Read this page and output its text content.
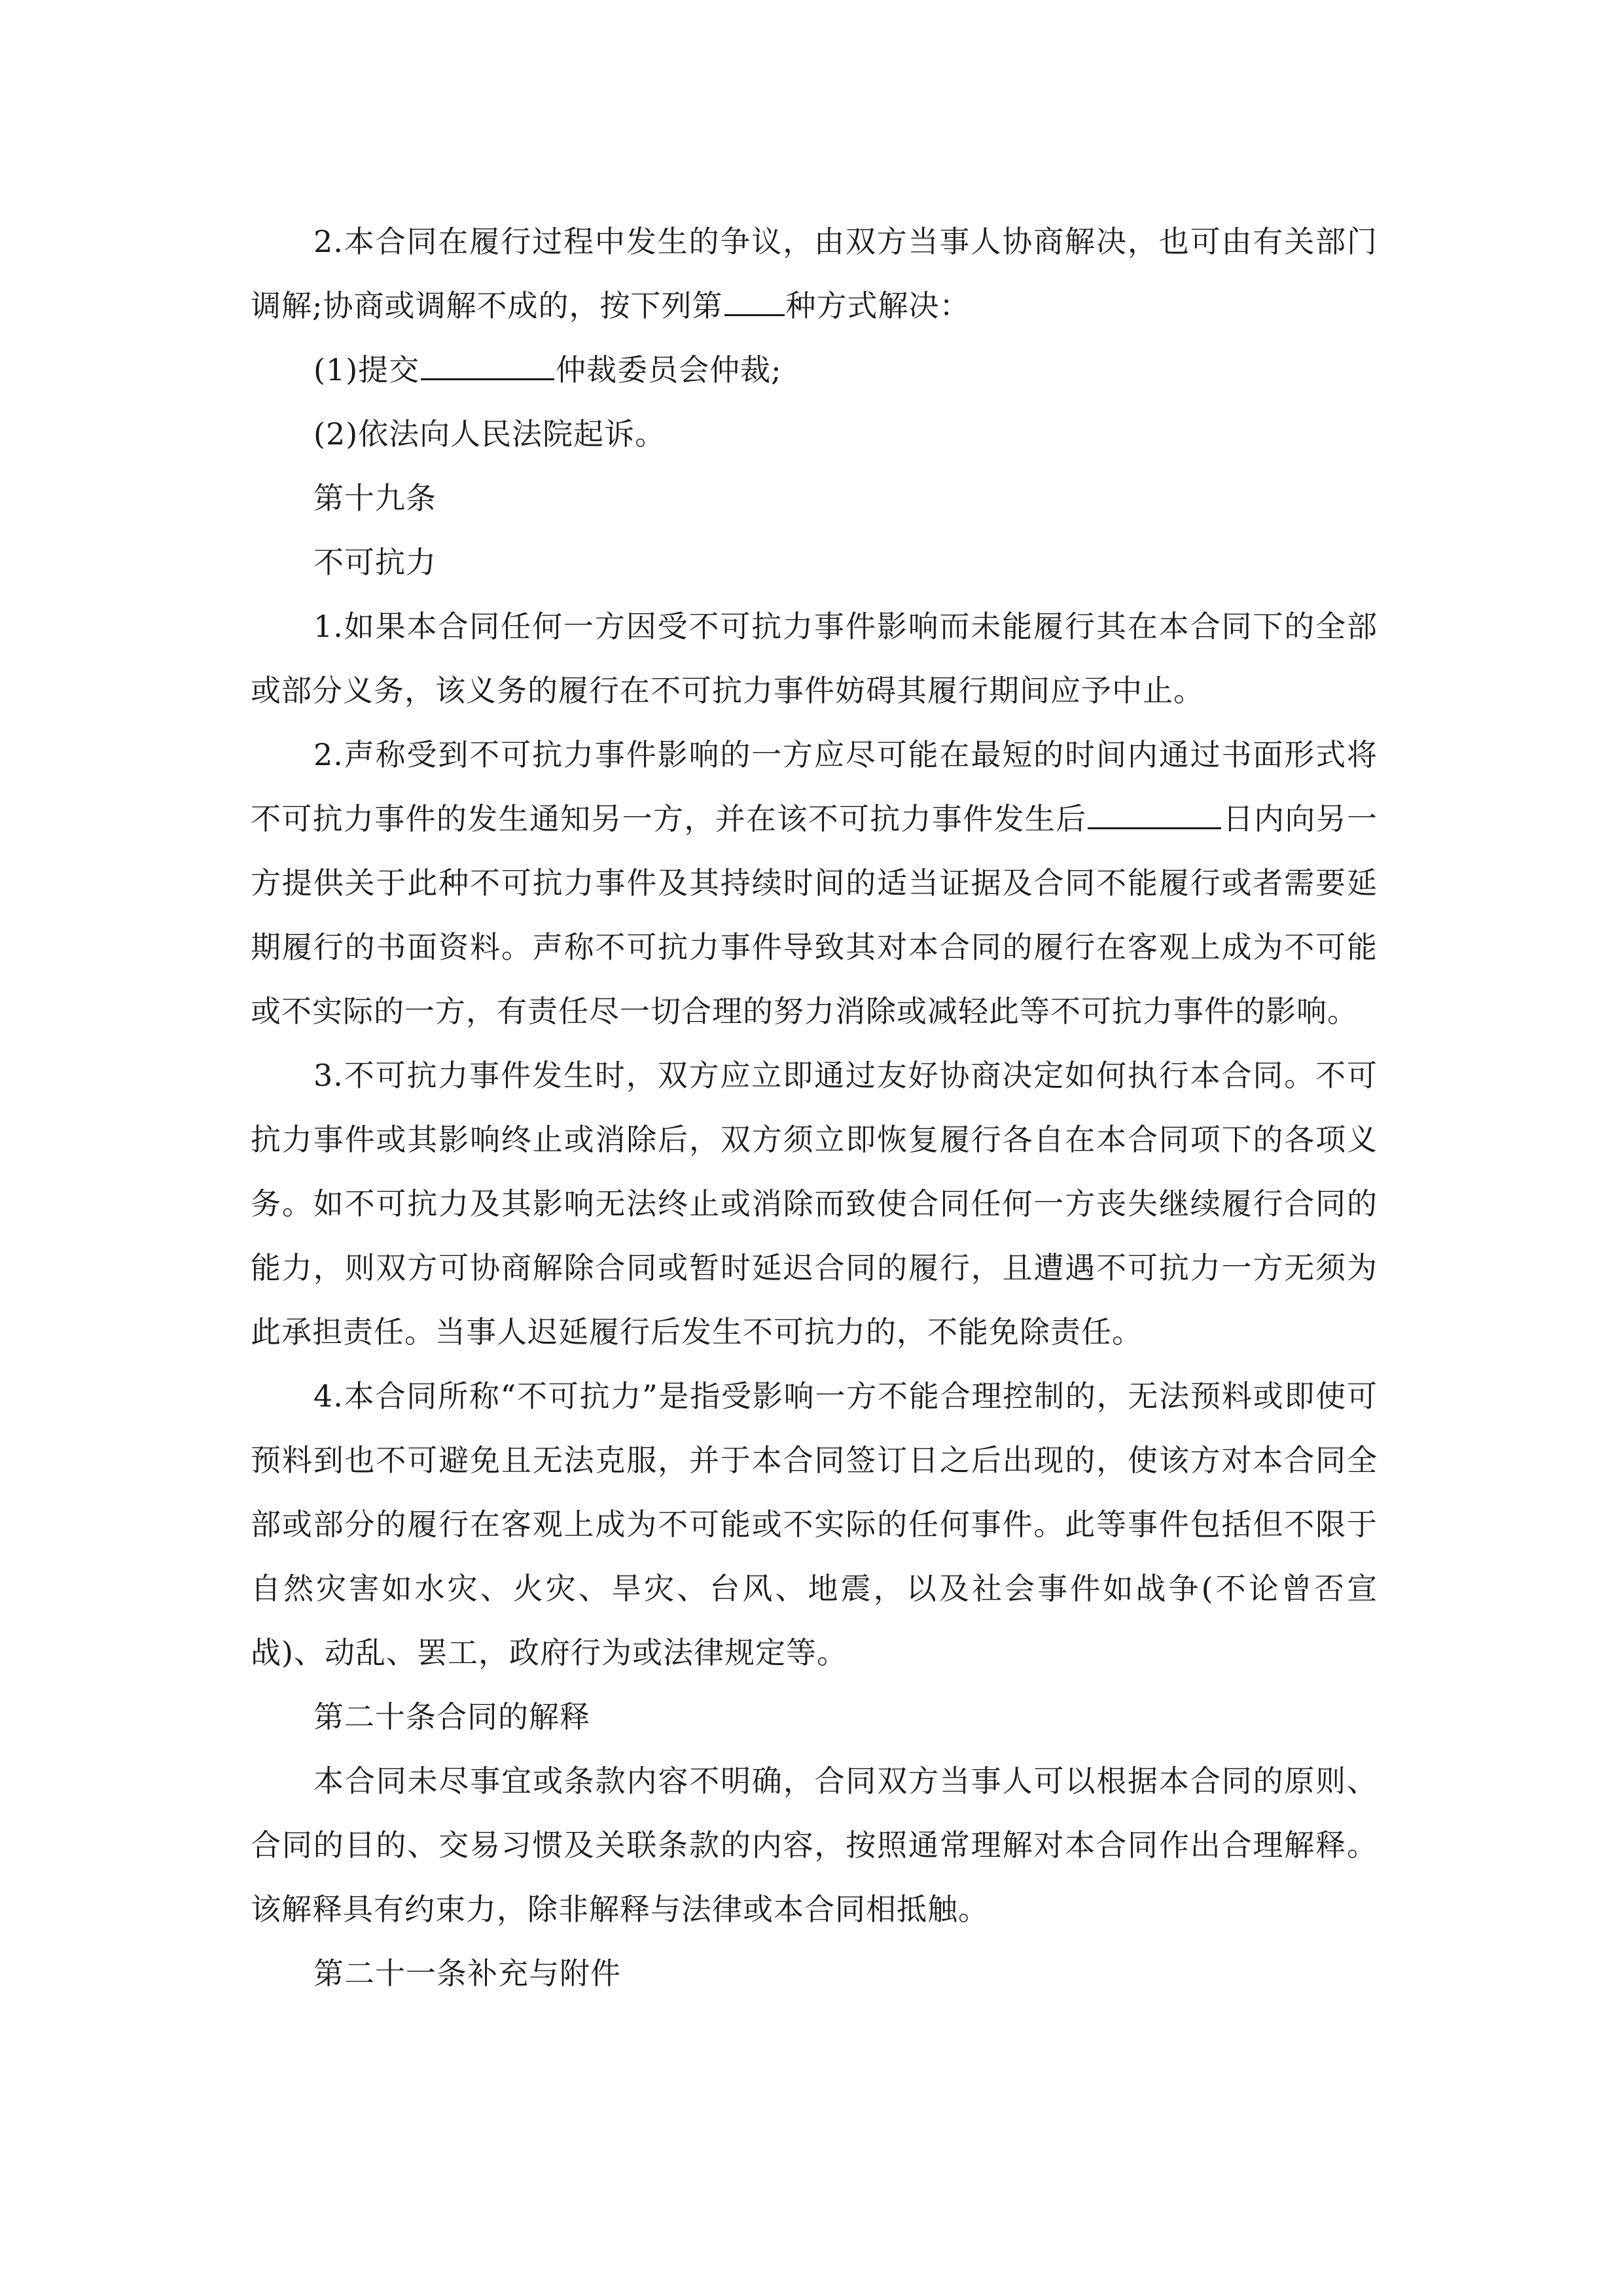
2.本合同在履行过程中发生的争议，由双方当事人协商解决，也可由有关部门调解;协商或调解不成的，按下列第 种方式解决：

(1)提交	仲裁委员会仲裁;

(2)依法向人民法院起诉。

第十九条

不可抗力

1.如果本合同任何一方因受不可抗力事件影响而未能履行其在本合同下的全部或部分义务，该义务的履行在不可抗力事件妨碍其履行期间应予中止。

2.声称受到不可抗力事件影响的一方应尽可能在最短的时间内通过书面形式将不可抗力事件的发生通知另一方，并在该不可抗力事件发生后	日内向另一方提供关于此种不可抗力事件及其持续时间的适当证据及合同不能履行或者需要延期履行的书面资料。声称不可抗力事件导致其对本合同的履行在客观上成为不可能或不实际的一方，有责任尽一切合理的努力消除或减轻此等不可抗力事件的影响。

3.不可抗力事件发生时，双方应立即通过友好协商决定如何执行本合同。不可抗力事件或其影响终止或消除后，双方须立即恢复履行各自在本合同项下的各项义务。如不可抗力及其影响无法终止或消除而致使合同任何一方丧失继续履行合同的能力，则双方可协商解除合同或暂时延迟合同的履行，且遭遇不可抗力一方无须为此承担责任。当事人迟延履行后发生不可抗力的，不能免除责任。

4.本合同所称“不可抗力”是指受影响一方不能合理控制的，无法预料或即使可预料到也不可避免且无法克服，并于本合同签订日之后出现的，使该方对本合同全部或部分的履行在客观上成为不可能或不实际的任何事件。此等事件包括但不限于自然灾害如水灾、火灾、旱灾、台风、地震，以及社会事件如战争(不论曾否宣战)、动乱、罢工，政府行为或法律规定等。

第二十条合同的解释

本合同未尽事宜或条款内容不明确，合同双方当事人可以根据本合同的原则、合同的目的、交易习惯及关联条款的内容，按照通常理解对本合同作出合理解释。该解释具有约束力，除非解释与法律或本合同相抵触。

第二十一条补充与附件
